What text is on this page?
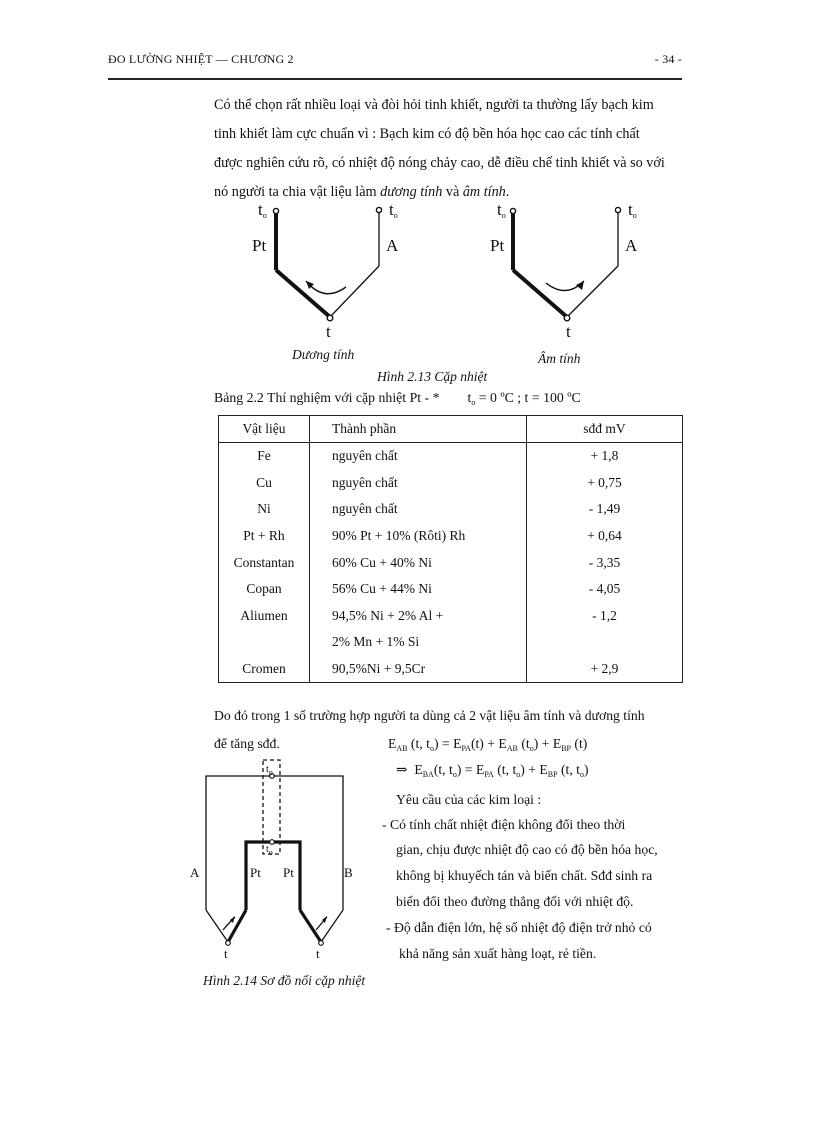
ĐO LƯỜNG NHIỆT — CHƯƠNG 2	- 34 -

Có thể chọn rất nhiều loại và đòi hỏi tinh khiết, người ta thường lấy bạch kim

tinh khiết làm cực chuẩn vì : Bạch kim có độ bền hóa học cao các tính chất

được nghiên cứu rõ, có nhiệt độ nóng chảy cao, dễ điều chế tinh khiết và so với

nó người ta chia vật liệu làm dương tính và âm tính.

$t_o$	$t_o$
Pt	A
t
Dương tính
$t_o$	$t_o$
Pt	A
t
Âm tính
Hình 2.13 Cặp nhiệt
Bảng 2.2 Thí nghiệm với cặp nhiệt Pt - * $t_o = 0$ ºC ; t = 100 ºC
Vật liệu	Thành phần	sđđ mV
Fe	nguyên chất	+ 1,8
Cu	nguyên chất	+ 0,75
Ni	nguyên chất	- 1,49
Pt + Rh	90% Pt + 10% (Rôti) Rh	+ 0,64
Constantan	60% Cu + 40% Ni	- 3,35
Copan	56% Cu + 44% Ni	- 4,05
Aliumen	94,5% Ni + 2% Al +	- 1,2
	2% Mn + 1% Si	
Cromen	90,5%Ni + 9,5Cr	+ 2,9
Do đó trong 1 số trường hợp người ta dùng cả 2 vật liệu âm tính và dương tính
để tăng sđđ.	$E_{AB}$ (t, $t_o) = E_{PA}(t) + E_{AB}$ $(t_o) + E_{BP}$ (t)
⇒ $E_{BA}(t$, $t_o) = E_{PA}$ (t, $t_o) + E_{BP}$ (t, $t_o$)
Yêu cầu của các kim loại :
- Có tính chất nhiệt điện không đổi theo thời
gian, chịu được nhiệt độ cao có độ bền hóa học,
không bị khuyếch tán và biến chất. Sđđ sinh ra
biến đổi theo đường thẳng đối với nhiệt độ.
- Độ dẫn điện lớn, hệ số nhiệt độ điện trở nhỏ có
khả năng sản xuất hàng loạt, rẻ tiền.
$t_o$
$t_o$
A	Pt Pt	B
t	t
Hình 2.14 Sơ đồ nối cặp nhiệt
